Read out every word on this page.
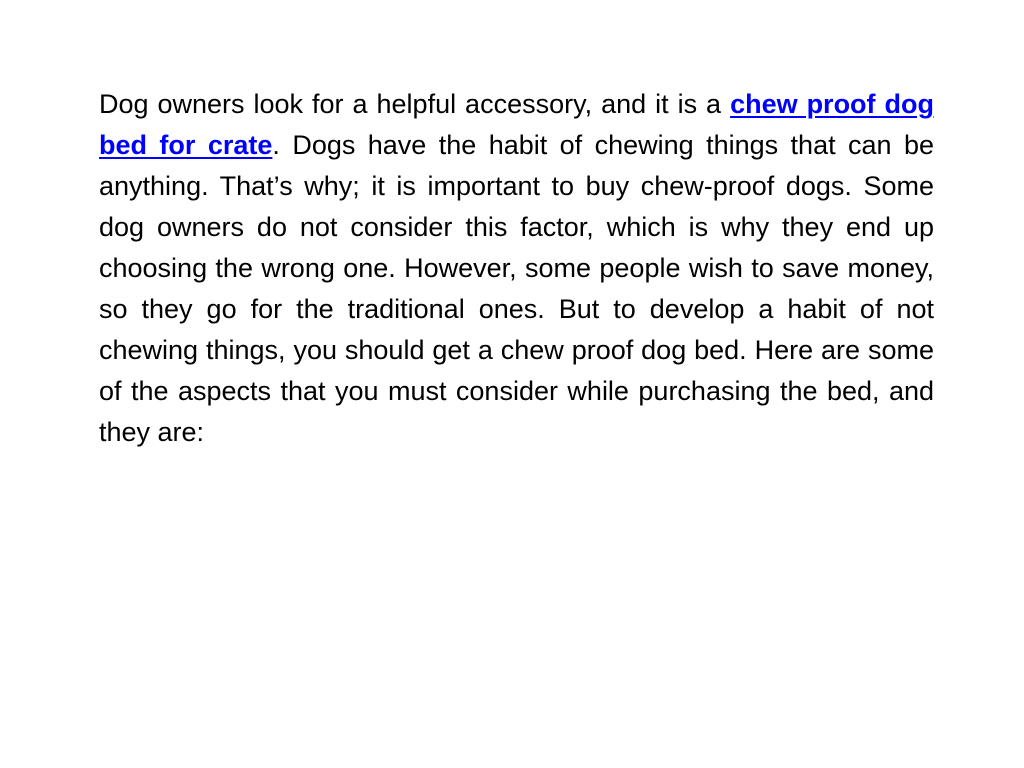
Dog owners look for a helpful accessory, and it is a chew proof dog bed for crate. Dogs have the habit of chewing things that can be anything. That’s why; it is important to buy chew-proof dogs. Some dog owners do not consider this factor, which is why they end up choosing the wrong one. However, some people wish to save money, so they go for the traditional ones. But to develop a habit of not chewing things, you should get a chew proof dog bed. Here are some of the aspects that you must consider while purchasing the bed, and they are:
